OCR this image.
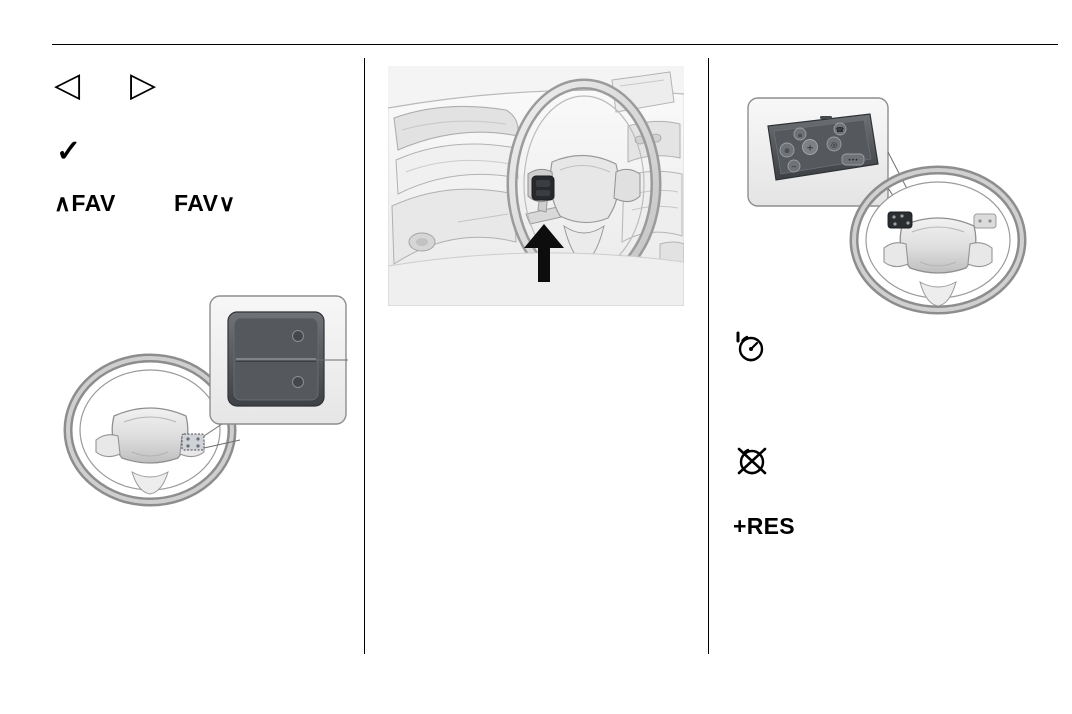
◁ ▷
✓
∧FAV	FAV∨
≡
☎
⊚ + ◎
−
•••
+RES
